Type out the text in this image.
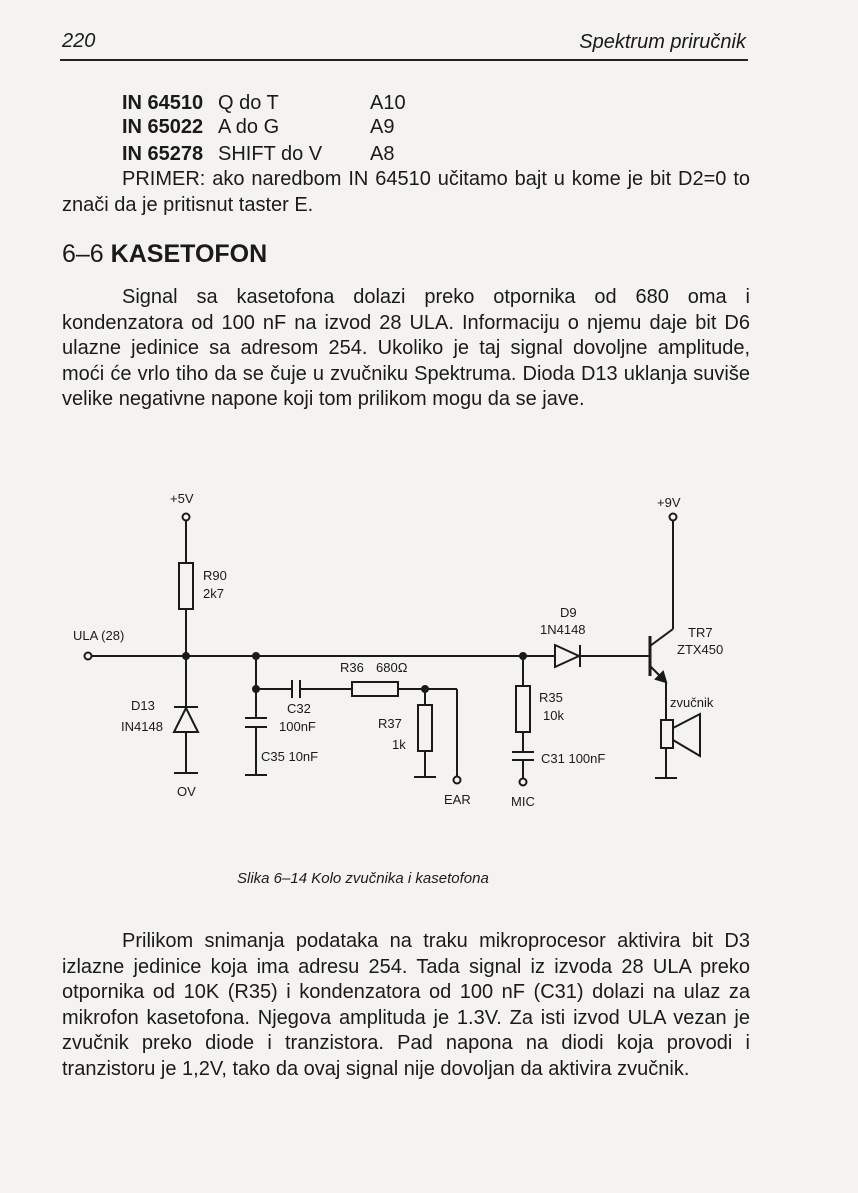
220	Spektrum priručnik
IN 64510 Q do T	A10
IN 65022 A do G	A9
IN 65278 SHIFT do V A8

PRIMER: ako naredbom IN 64510 učitamo bajt u kome je bit D2=0 to znači da je pritisnut taster E.

6–6 KASETOFON

Signal sa kasetofona dolazi preko otpornika od 680 oma i kondenzatora od 100 nF na izvod 28 ULA. Informaciju o njemu daje bit D6 ulazne jedinice sa adresom 254. Ukoliko je taj signal dovoljne amplitude, moći će vrlo tiho da se čuje u zvučniku Spektruma. Dioda D13 uklanja suviše velike negativne napone koji tom prilikom mogu da se jave.

+5V	+9V
R90
2k7
ULA (28)
D9
1N4148	TR7
ZTX450
R36 680Ω
D13
IN4148
C32
100nF	R37
1k
R35
10k
zvučnik
C35 10nF	C31 100nF
OV
EAR	MIC
Slika 6–14 Kolo zvučnika i kasetofona

Prilikom snimanja podataka na traku mikroprocesor aktivira bit D3 izlazne jedinice koja ima adresu 254. Tada signal iz izvoda 28 ULA preko otpornika od 10K (R35) i kondenzatora od 100 nF (C31) dolazi na ulaz za mikrofon kasetofona. Njegova amplituda je 1.3V. Za isti izvod ULA vezan je zvučnik preko diode i tranzistora. Pad napona na diodi koja provodi i tranzistoru je 1,2V, tako da ovaj signal nije dovoljan da aktivira zvučnik.
